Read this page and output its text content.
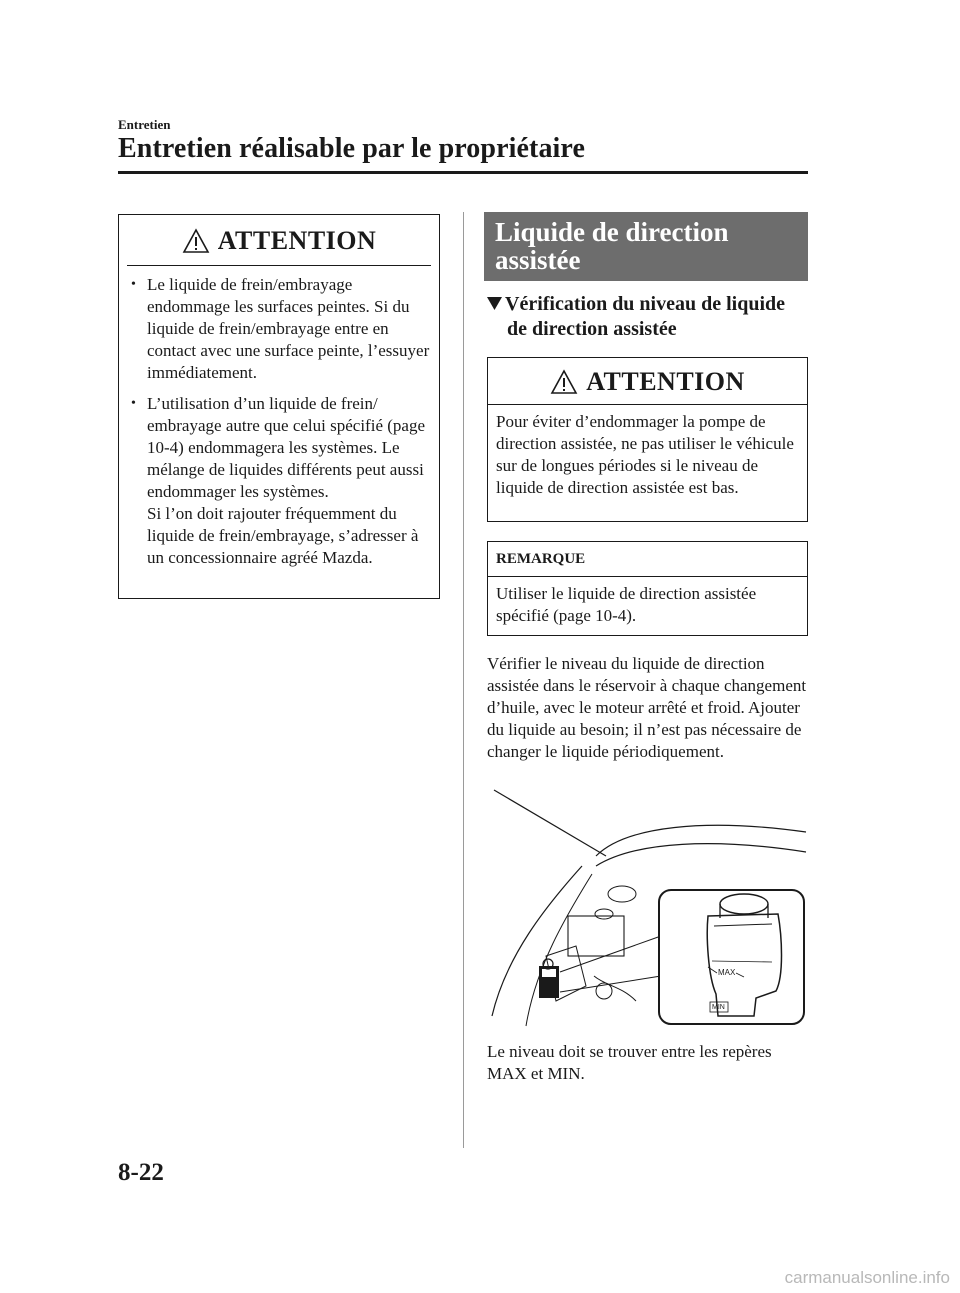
Entretien
Entretien réalisable par le propriétaire
ATTENTION
• Le liquide de frein/embrayage endommage les surfaces peintes. Si du liquide de frein/embrayage entre en contact avec une surface peinte, l’essuyer immédiatement.
• L’utilisation d’un liquide de frein/ embrayage autre que celui spécifié (page 10-4) endommagera les systèmes. Le mélange de liquides différents peut aussi endommager les systèmes.
Si l’on doit rajouter fréquemment du liquide de frein/embrayage, s’adresser à un concessionnaire agréé Mazda.
Liquide de direction
assistée
Vérification du niveau de liquide
de direction assistée
ATTENTION
Pour éviter d’endommager la pompe de direction assistée, ne pas utiliser le véhicule sur de longues périodes si le niveau de liquide de direction assistée est bas.
REMARQUE
Utiliser le liquide de direction assistée spécifié (page 10-4).
Vérifier le niveau du liquide de direction assistée dans le réservoir à chaque changement d’huile, avec le moteur arrêté et froid. Ajouter du liquide au besoin; il n’est pas nécessaire de changer le liquide périodiquement.
MAX
MIN
Le niveau doit se trouver entre les repères MAX et MIN.
8-22
carmanualsonline.info
